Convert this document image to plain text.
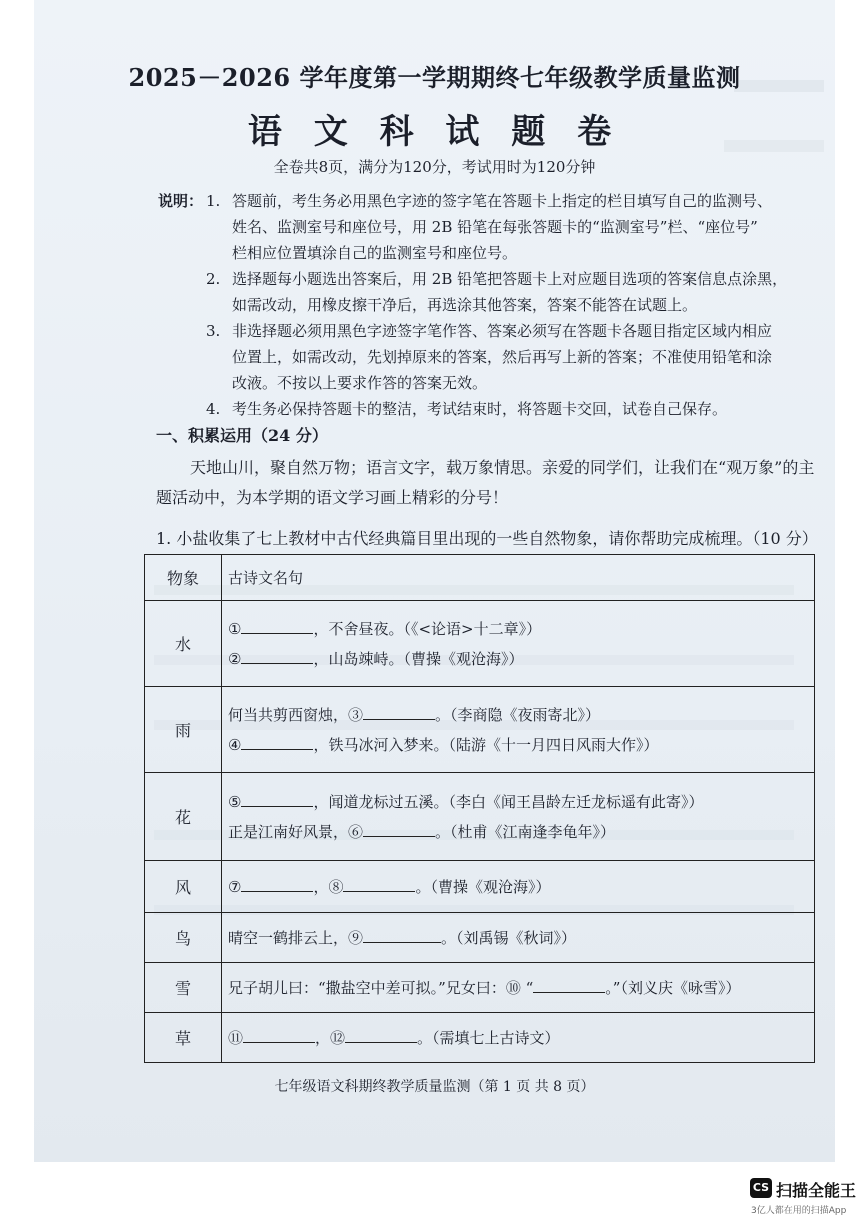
2025－2026 学年度第一学期期终七年级教学质量监测
语 文 科 试 题 卷
全卷共8页，满分为120分，考试用时为120分钟
说明： 1. 答题前，考生务必用黑色字迹的签字笔在答题卡上指定的栏目填写自己的监测号、
姓名、监测室号和座位号，用 2B 铅笔在每张答题卡的“监测室号”栏、“座位号”
栏相应位置填涂自己的监测室号和座位号。
2. 选择题每小题选出答案后，用 2B 铅笔把答题卡上对应题目选项的答案信息点涂黑，
如需改动，用橡皮擦干净后，再选涂其他答案，答案不能答在试题上。
3. 非选择题必须用黑色字迹签字笔作答、答案必须写在答题卡各题目指定区域内相应
位置上，如需改动，先划掉原来的答案，然后再写上新的答案；不准使用铅笔和涂
改液。不按以上要求作答的答案无效。
4. 考生务必保持答题卡的整洁，考试结束时，将答题卡交回，试卷自己保存。
一、积累运用（24 分）
天地山川，聚自然万物；语言文字，载万象情思。亲爱的同学们，让我们在“观万象”的主题活动中，为本学期的语文学习画上精彩的分号！
1. 小盐收集了七上教材中古代经典篇目里出现的一些自然物象，请你帮助完成梳理。（10 分）
物象	古诗文名句
水	① ，不舍昼夜。（《<论语>十二章》）
② ，山岛竦峙。（曹操《观沧海》）

雨	何当共剪西窗烛，③ 。（李商隐《夜雨寄北》）
④ ，铁马冰河入梦来。（陆游《十一月四日风雨大作》）

花	⑤ ，闻道龙标过五溪。（李白《闻王昌龄左迁龙标遥有此寄》）
正是江南好风景，⑥ 。（杜甫《江南逢李龟年》）

风	⑦ ，⑧ 。（曹操《观沧海》）

鸟	晴空一鹤排云上，⑨ 。（刘禹锡《秋词》）

雪	兄子胡儿曰：“撒盐空中差可拟。”兄女曰：⑩ “ 。”（刘义庆《咏雪》）

草	⑪ ，⑫ 。（需填七上古诗文）
七年级语文科期终教学质量监测（第 1 页 共 8 页）
CS 扫描全能王
3亿人都在用的扫描App
